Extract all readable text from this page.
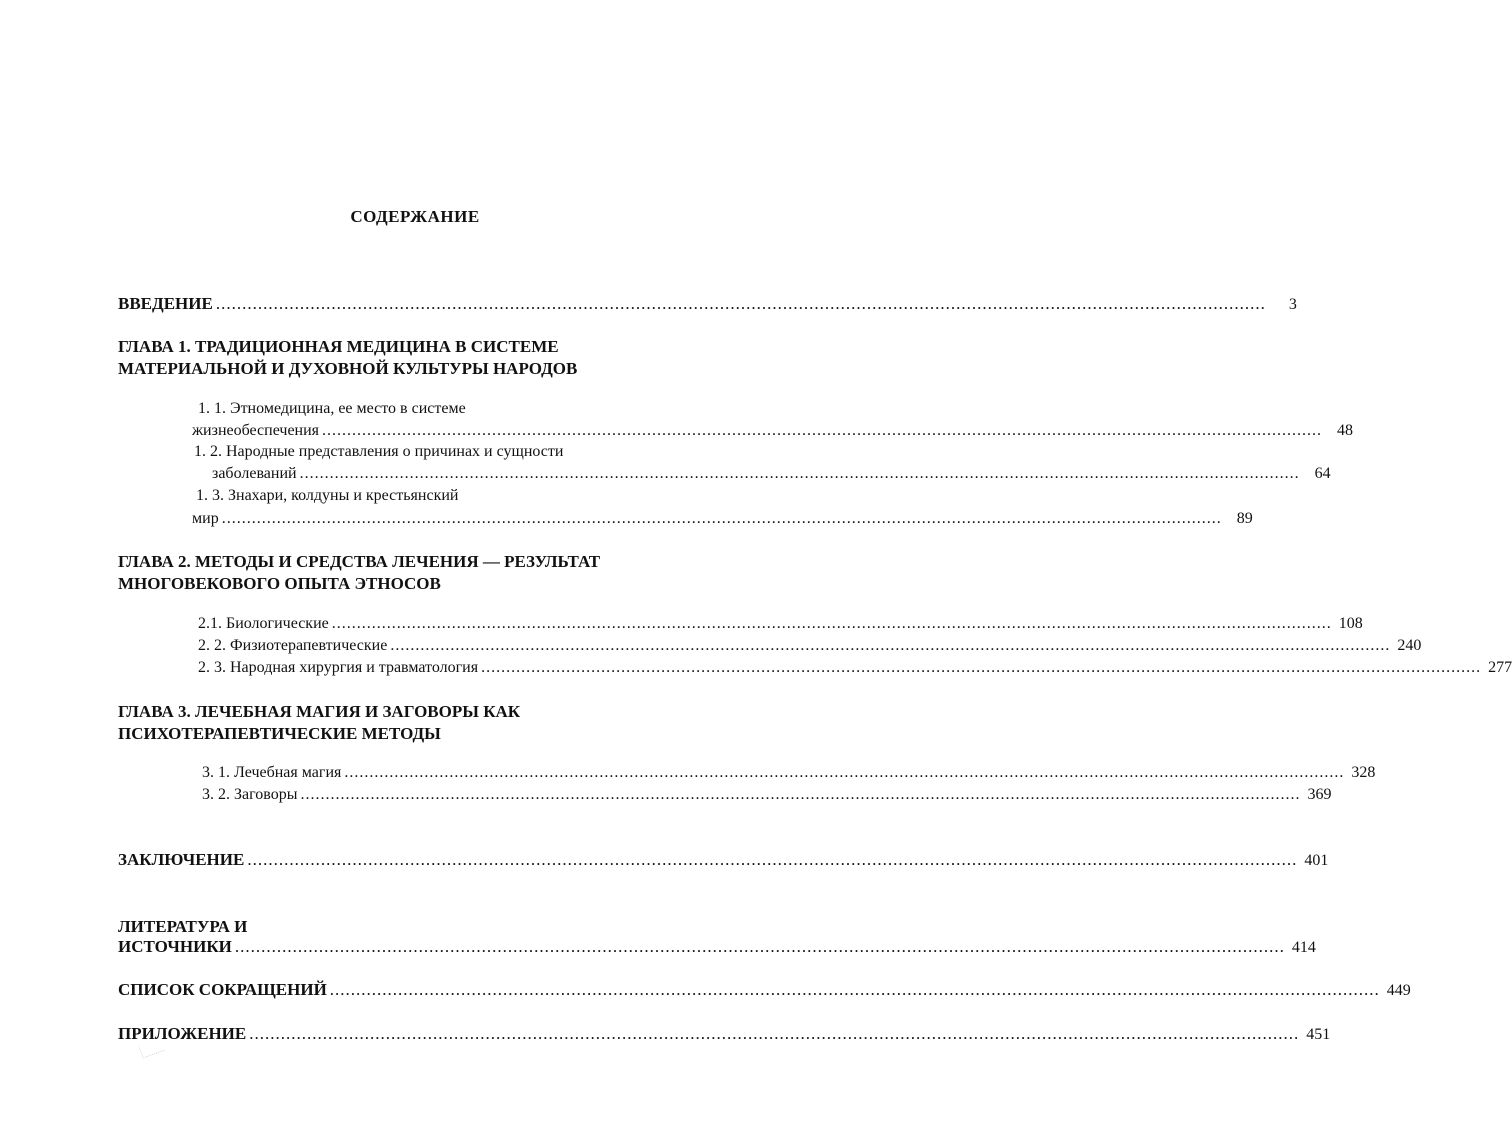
СОДЕРЖАНИЕ
ВВЕДЕНИЕ ........................................................................................................................................................................................................	3
ГЛАВА 1. ТРАДИЦИОННАЯ МЕДИЦИНА В СИСТЕМЕ
МАТЕРИАЛЬНОЙ И ДУХОВНОЙ КУЛЬТУРЫ НАРОДОВ
1. 1. Этномедицина, ее место в системе
жизнеобеспечения ........................................................................................................................................................................................................ 48
1. 2. Народные представления о причинах и сущности
заболеваний ........................................................................................................................................................................................................ 64
1. 3. Знахари, колдуны и крестьянский
мир ........................................................................................................................................................................................................ 89
ГЛАВА 2. МЕТОДЫ И СРЕДСТВА ЛЕЧЕНИЯ — РЕЗУЛЬТАТ
МНОГОВЕКОВОГО ОПЫТА ЭТНОСОВ
2.1. Биологические ........................................................................................................................................................................................................ 108
2. 2. Физиотерапевтические ........................................................................................................................................................................................................ 240
2. 3. Народная хирургия и травматология ........................................................................................................................................................................................................ 277
ГЛАВА 3. ЛЕЧЕБНАЯ МАГИЯ И ЗАГОВОРЫ КАК
ПСИХОТЕРАПЕВТИЧЕСКИЕ МЕТОДЫ
3. 1. Лечебная магия ........................................................................................................................................................................................................ 328
3. 2. Заговоры ........................................................................................................................................................................................................ 369
ЗАКЛЮЧЕНИЕ ........................................................................................................................................................................................................ 401
ЛИТЕРАТУРА И
ИСТОЧНИКИ ........................................................................................................................................................................................................ 414
СПИСОК СОКРАЩЕНИЙ ........................................................................................................................................................................................................ 449
ПРИЛОЖЕНИЕ ........................................................................................................................................................................................................ 451
